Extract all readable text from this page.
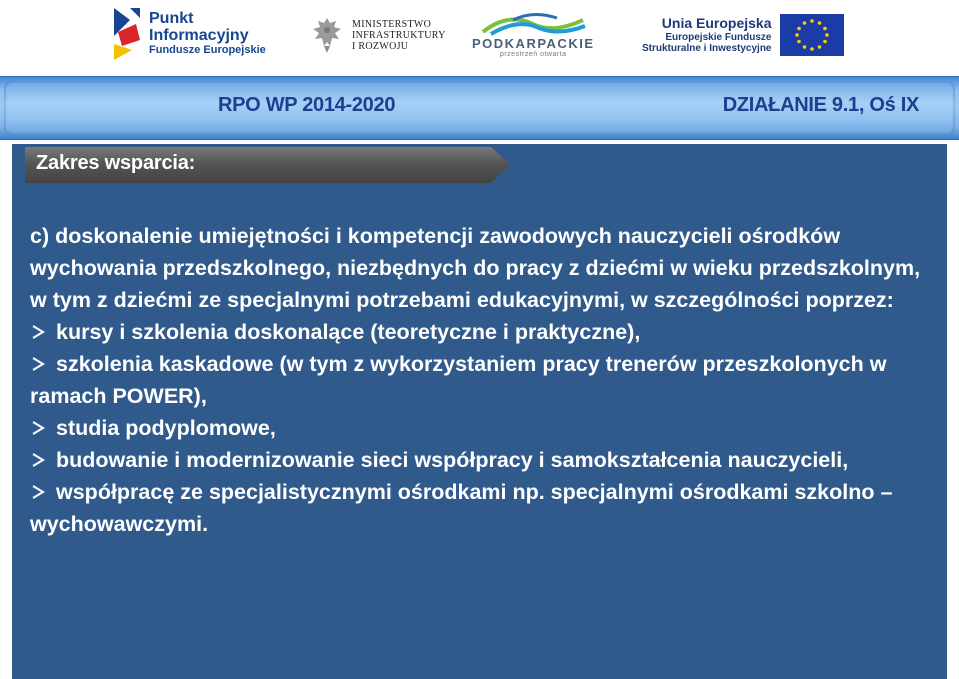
Punkt
Informacyjny
Fundusze Europejskie
MINISTERSTWO
INFRASTRUKTURY
I ROZWOJU	PODKARPACKIE
przestrzeń otwarta
Unia Europejska
Europejskie Fundusze
Strukturalne i Inwestycyjne
RPO WP 2014-2020	DZIAŁANIE 9.1, Oś IX
Zakres wsparcia:

c) doskonalenie umiejętności i kompetencji zawodowych nauczycieli ośrodków wychowania przedszkolnego, niezbędnych do pracy z dziećmi w wieku przedszkolnym, w tym z dziećmi ze specjalnymi potrzebami edukacyjnymi, w szczególności poprzez:

kursy i szkolenia doskonalące (teoretyczne i praktyczne),
szkolenia kaskadowe (w tym z wykorzystaniem pracy trenerów przeszkolonych w ramach POWER),
studia podyplomowe,
budowanie i modernizowanie sieci współpracy i samokształcenia nauczycieli,
współpracę ze specjalistycznymi ośrodkami np. specjalnymi ośrodkami szkolno – wychowawczymi.
